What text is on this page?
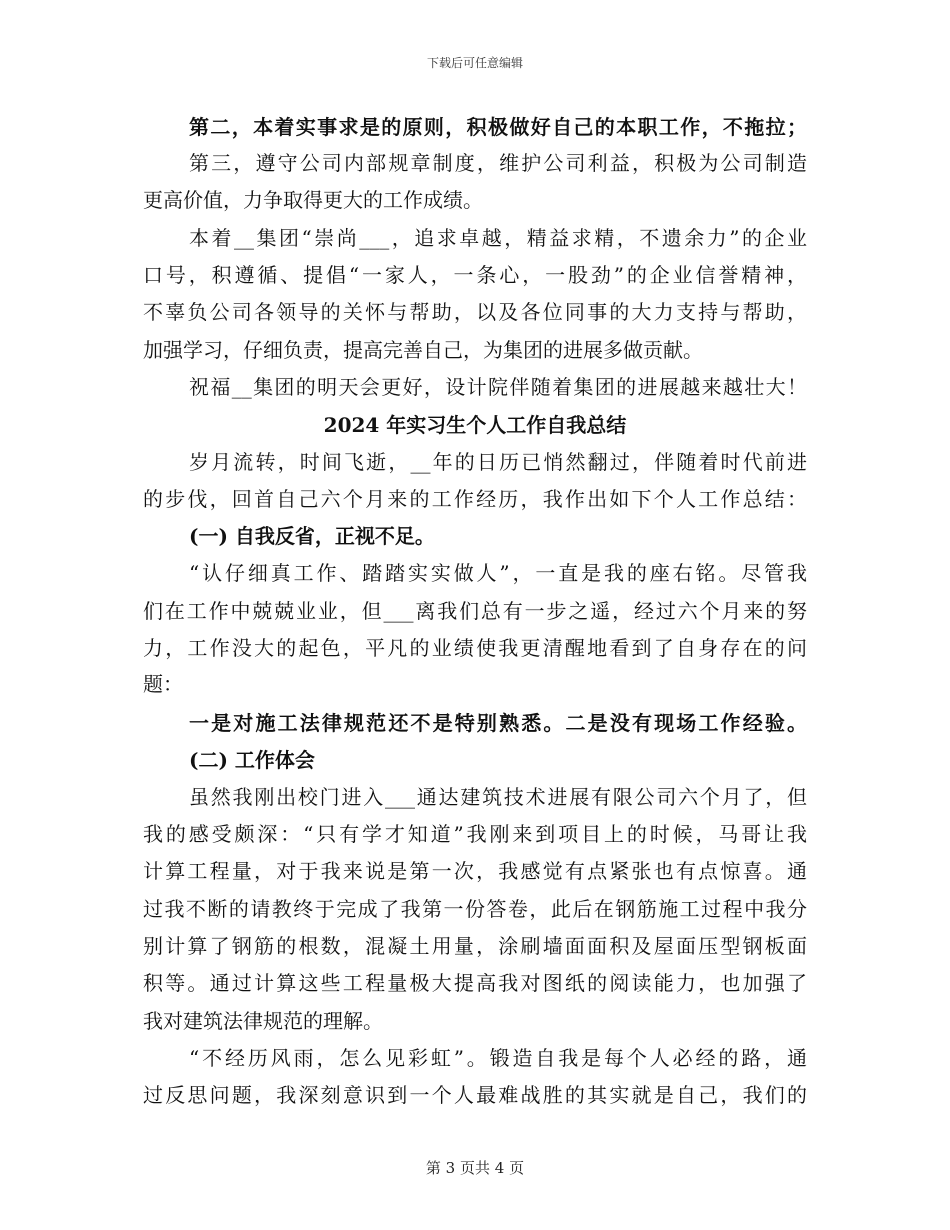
下载后可任意编辑
第二，本着实事求是的原则，积极做好自己的本职工作，不拖拉；
第三，遵守公司内部规章制度，维护公司利益，积极为公司制造
更高价值，力争取得更大的工作成绩。
本着__集团“崇尚___，追求卓越，精益求精，不遗余力”的企业
口号，积遵循、提倡“一家人，一条心，一股劲”的企业信誉精神，
不辜负公司各领导的关怀与帮助，以及各位同事的大力支持与帮助，
加强学习，仔细负责，提高完善自己，为集团的进展多做贡献。
祝福__集团的明天会更好，设计院伴随着集团的进展越来越壮大！
2024 年实习生个人工作自我总结
岁月流转，时间飞逝，__年的日历已悄然翻过，伴随着时代前进
的步伐，回首自己六个月来的工作经历，我作出如下个人工作总结：
(一) 自我反省，正视不足。
“认仔细真工作、踏踏实实做人”，一直是我的座右铭。尽管我
们在工作中兢兢业业，但___离我们总有一步之遥，经过六个月来的努
力，工作没大的起色，平凡的业绩使我更清醒地看到了自身存在的问
题：
一是对施工法律规范还不是特别熟悉。二是没有现场工作经验。
(二) 工作体会
虽然我刚出校门进入___通达建筑技术进展有限公司六个月了，但
我的感受颇深：“只有学才知道”我刚来到项目上的时候，马哥让我
计算工程量，对于我来说是第一次，我感觉有点紧张也有点惊喜。通
过我不断的请教终于完成了我第一份答卷，此后在钢筋施工过程中我分
别计算了钢筋的根数，混凝土用量，涂刷墙面面积及屋面压型钢板面
积等。通过计算这些工程量极大提高我对图纸的阅读能力，也加强了
我对建筑法律规范的理解。
“不经历风雨，怎么见彩虹”。锻造自我是每个人必经的路，通
过反思问题，我深刻意识到一个人最难战胜的其实就是自己，我们的
第 3 页共 4 页
